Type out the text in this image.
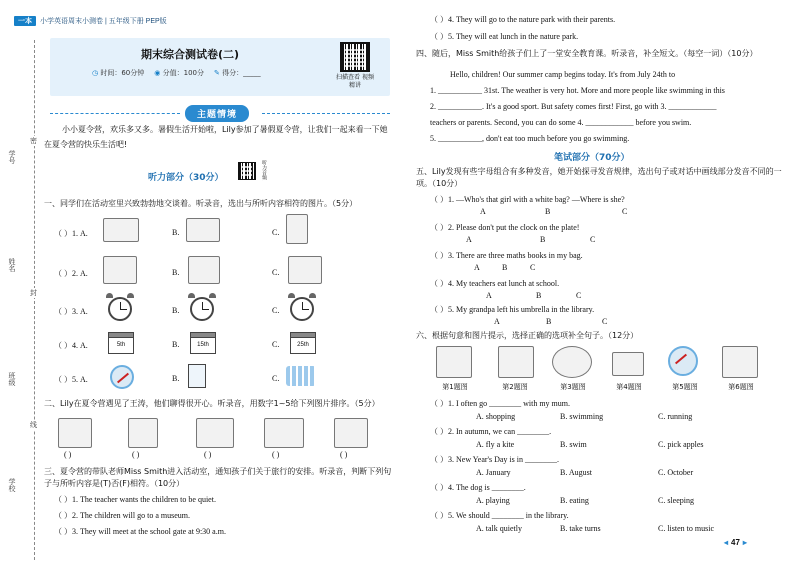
一本	小学英语周末小测卷 | 五年级下册 PEP版
学号
姓名
班级
学校
密
封
线
期末综合测试卷(二)
◷ 时间：60分钟 ◉ 分值：100分 ✎ 得分：_____
扫描查看 视频精讲
主题情境
小小夏令营，欢乐多又多。暑假生活开始啦，Lily参加了暑假夏令营，让我们一起来看一下她在夏令营的快乐生活吧!
听力部分（30分）	听力音频
一、同学们在活动室里兴致勃勃地交谈着。听录音，选出与所听内容相符的图片。（5分）
（ ）1. A.	B.	C.
（ ）2. A.	B.	C.
（ ）3. A.	B.	C.
（ ）4. A.	5th	B.	15th	C.	25th
（ ）5. A.	B.	C.
二、Lily在夏令营遇见了王涛，他们聊得很开心。听录音，用数字1~5给下列图片排序。（5分）
( )	( )	( )	( )	( )
三、夏令营的带队老师Miss Smith进入活动室，通知孩子们关于旅行的安排。听录音，判断下列句子与所听内容是(T)否(F)相符。（10分）
（ ）1. The teacher wants the children to be quiet.
（ ）2. The children will go to a museum.
（ ）3. They will meet at the school gate at 9:30 a.m.
（ ）4. They will go to the nature park with their parents.
（ ）5. They will eat lunch in the nature park.
四、随后，Miss Smith给孩子们上了一堂安全教育课。听录音，补全短文。（每空一词）（10分）
Hello, children! Our summer camp begins today. It's from July 24th to
1. ___________ 31st. The weather is very hot. More and more people like swimming in this
2. ___________. It's a good sport. But safety comes first! First, go with 3. ____________
teachers or parents. Second, you can do some 4. ____________ before you swim.
5. ___________, don't eat too much before you go swimming.
笔试部分（70分）
五、Lily发现有些字母组合有多种发音，她开始探寻发音规律，选出句子或对话中画线部分发音不同的一项。（10分）
（ ）1. —Who's that girl with a white bag? —Where is she?
A	B	C
（ ）2. Please don't put the clock on the plate!
A	B	C
（ ）3. There are three maths books in my bag.
A	B	C
（ ）4. My teachers eat lunch at school.
A	B	C
（ ）5. My grandpa left his umbrella in the library.
A	B	C
六、根据句意和图片提示，选择正确的选项补全句子。（12分）
第1题图	第2题图	第3题图	第4题图	第5题图	第6题图
（ ）1. I often go ________ with my mum.
A. shopping	B. swimming	C. running
（ ）2. In autumn, we can ________.
A. fly a kite	B. swim	C. pick apples
（ ）3. New Year's Day is in ________.
A. January	B. August	C. October
（ ）4. The dog is ________.
A. playing	B. eating	C. sleeping
（ ）5. We should ________ in the library.
A. talk quietly	B. take turns	C. listen to music
◂ 47 ▸
